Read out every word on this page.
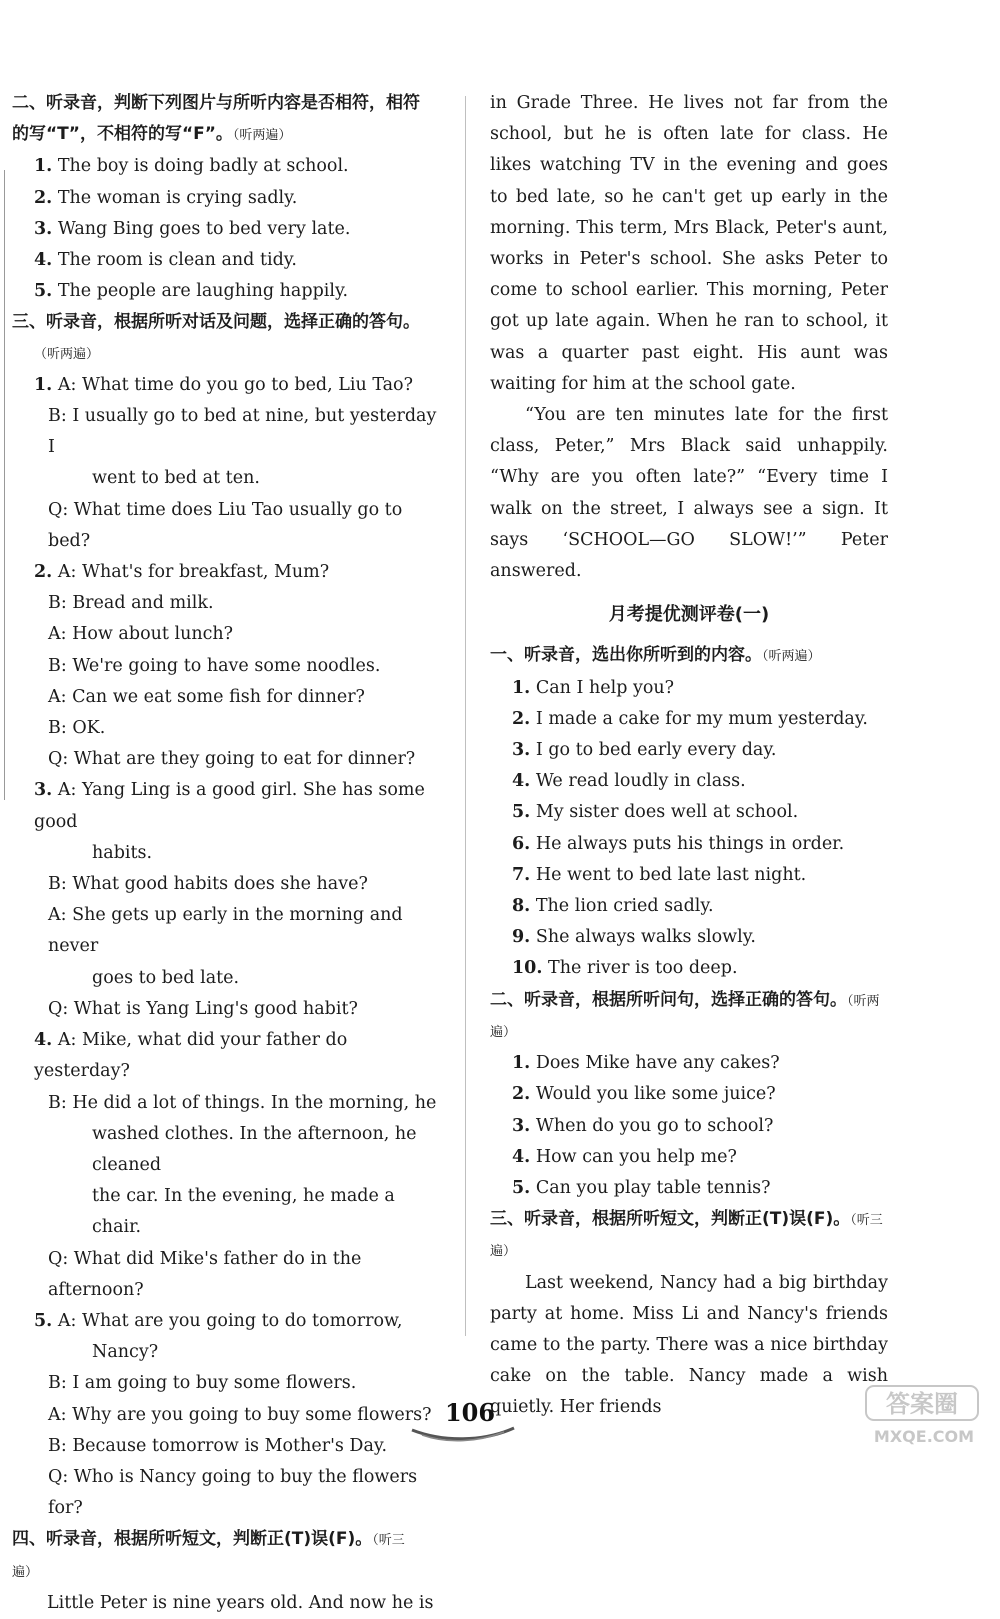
二、听录音，判断下列图片与所听内容是否相符，相符
的写“T”，不相符的写“F”。（听两遍）
1. The boy is doing badly at school.
2. The woman is crying sadly.
3. Wang Bing goes to bed very late.
4. The room is clean and tidy.
5. The people are laughing happily.
三、听录音，根据所听对话及问题，选择正确的答句。
（听两遍）
1. A: What time do you go to bed, Liu Tao?
B: I usually go to bed at nine, but yesterday I
went to bed at ten.
Q: What time does Liu Tao usually go to bed?
2. A: What's for breakfast, Mum?
B: Bread and milk.
A: How about lunch?
B: We're going to have some noodles.
A: Can we eat some fish for dinner?
B: OK.
Q: What are they going to eat for dinner?
3. A: Yang Ling is a good girl. She has some good
habits.
B: What good habits does she have?
A: She gets up early in the morning and never
goes to bed late.
Q: What is Yang Ling's good habit?
4. A: Mike, what did your father do yesterday?
B: He did a lot of things. In the morning, he
washed clothes. In the afternoon, he cleaned
the car. In the evening, he made a chair.
Q: What did Mike's father do in the afternoon?
5. A: What are you going to do tomorrow,
Nancy?
B: I am going to buy some flowers.
A: Why are you going to buy some flowers?
B: Because tomorrow is Mother's Day.
Q: Who is Nancy going to buy the flowers for?
四、听录音，根据所听短文，判断正(T)误(F)。（听三
遍）
Little Peter is nine years old. And now he is
in Grade Three. He lives not far from the school, but he is often late for class. He likes watching TV in the evening and goes to bed late, so he can't get up early in the morning. This term, Mrs Black, Peter's aunt, works in Peter's school. She asks Peter to come to school earlier. This morning, Peter got up late again. When he ran to school, it was a quarter past eight. His aunt was waiting for him at the school gate.
“You are ten minutes late for the first class, Peter,” Mrs Black said unhappily. “Why are you often late?” “Every time I walk on the street, I always see a sign. It says ‘SCHOOL—GO SLOW!’” Peter answered.
月考提优测评卷(一)
一、听录音，选出你所听到的内容。（听两遍）
1. Can I help you?
2. I made a cake for my mum yesterday.
3. I go to bed early every day.
4. We read loudly in class.
5. My sister does well at school.
6. He always puts his things in order.
7. He went to bed late last night.
8. The lion cried sadly.
9. She always walks slowly.
10. The river is too deep.
二、听录音，根据所听问句，选择正确的答句。（听两
遍）
1. Does Mike have any cakes?
2. Would you like some juice?
3. When do you go to school?
4. How can you help me?
5. Can you play table tennis?
三、听录音，根据所听短文，判断正(T)误(F)。（听三
遍）
Last weekend, Nancy had a big birthday party at home. Miss Li and Nancy's friends came to the party. There was a nice birthday cake on the table. Nancy made a wish quietly. Her friends
106	答案圈
MXQE.COM
